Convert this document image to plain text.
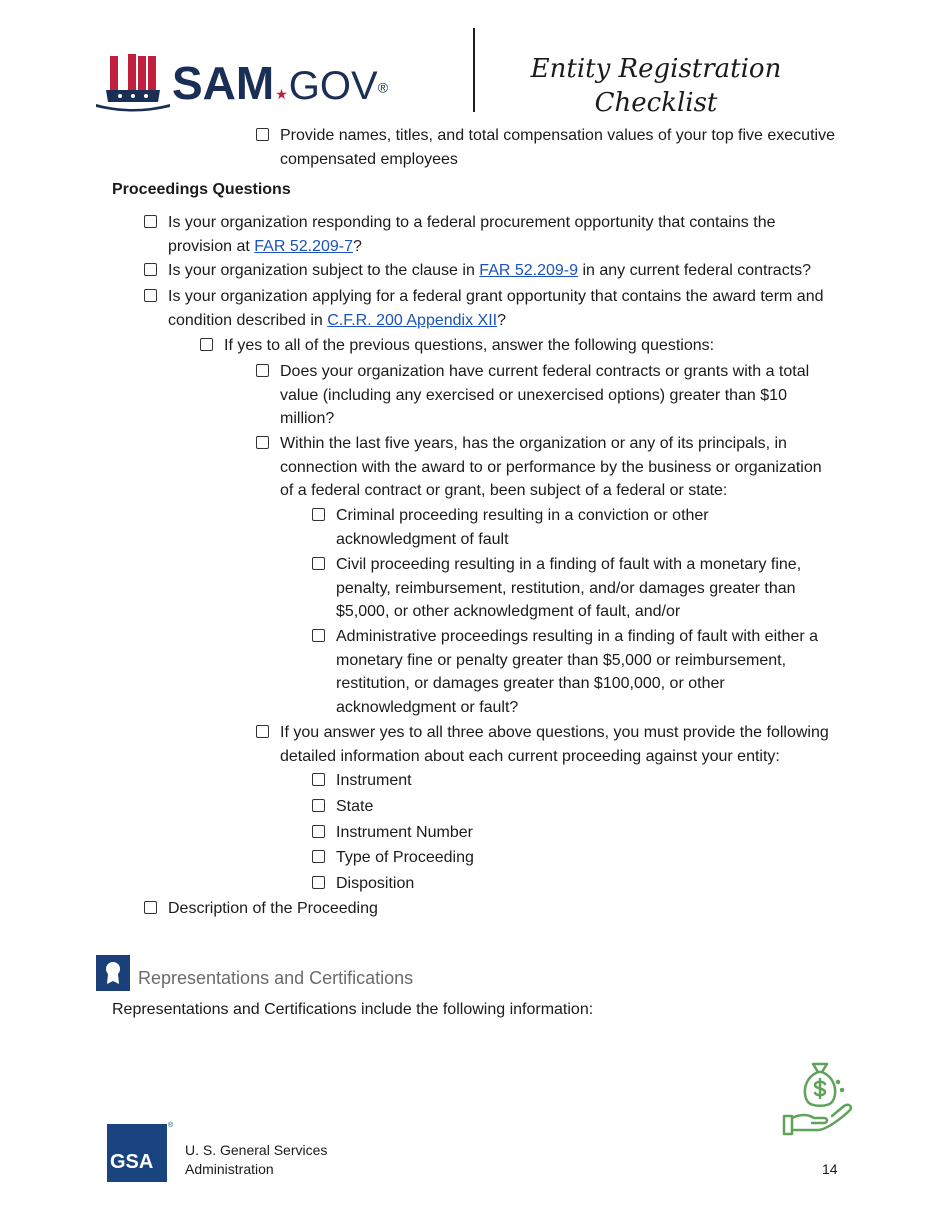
SAM★GOV®
Entity Registration
Checklist
Provide names, titles, and total compensation values of your top five executive
compensated employees
Proceedings Questions
Is your organization responding to a federal procurement opportunity that contains the
provision at FAR 52.209-7?
Is your organization subject to the clause in FAR 52.209-9 in any current federal contracts?
Is your organization applying for a federal grant opportunity that contains the award term and
condition described in C.F.R. 200 Appendix XII?
If yes to all of the previous questions, answer the following questions:
Does your organization have current federal contracts or grants with a total
value (including any exercised or unexercised options) greater than $10
million?
Within the last five years, has the organization or any of its principals, in
connection with the award to or performance by the business or organization
of a federal contract or grant, been subject of a federal or state:
Criminal proceeding resulting in a conviction or other
acknowledgment of fault
Civil proceeding resulting in a finding of fault with a monetary fine,
penalty, reimbursement, restitution, and/or damages greater than
$5,000, or other acknowledgment of fault, and/or
Administrative proceedings resulting in a finding of fault with either a
monetary fine or penalty greater than $5,000 or reimbursement,
restitution, or damages greater than $100,000, or other
acknowledgment or fault?
If you answer yes to all three above questions, you must provide the following
detailed information about each current proceeding against your entity:
Instrument
State
Instrument Number
Type of Proceeding
Disposition
Description of the Proceeding
Representations and Certifications
Representations and Certifications include the following information:
GSA
®
U. S. General Services
Administration	14
